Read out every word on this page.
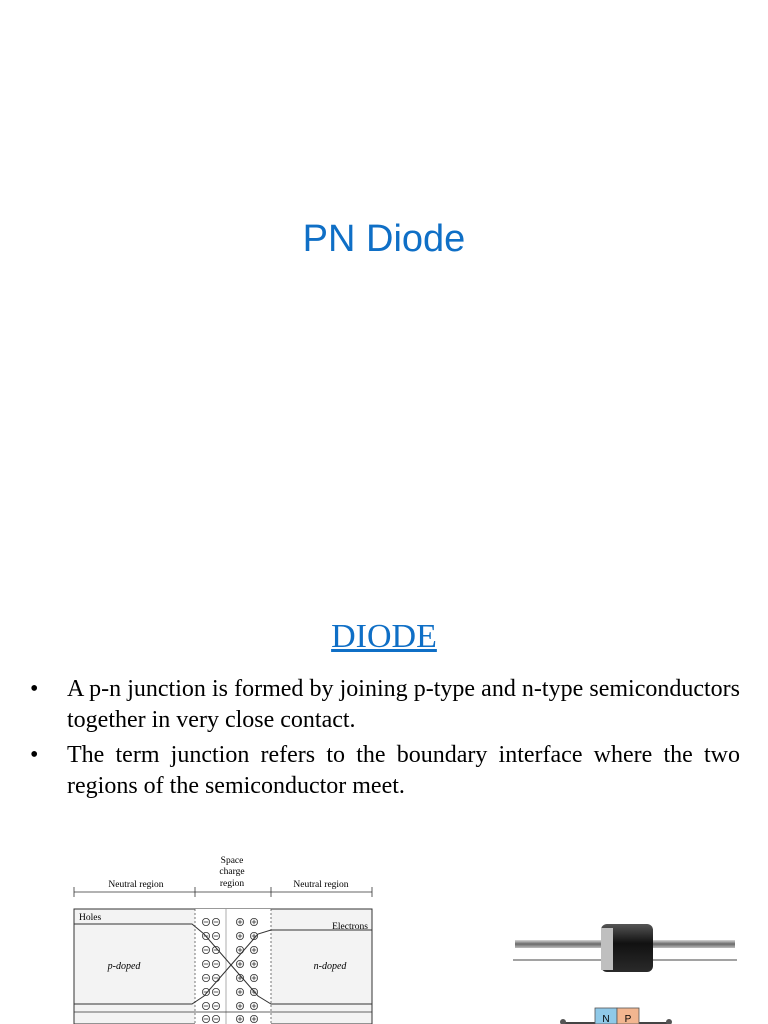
PN Diode
DIODE
• A p-n junction is formed by joining p-type and n-type semiconductors together in very close contact.
• The term junction refers to the boundary interface where the two regions of the semiconductor meet.
Space
charge
region
Neutral region	Neutral region
Holes
Electrons
p-doped	n-doped
N P
